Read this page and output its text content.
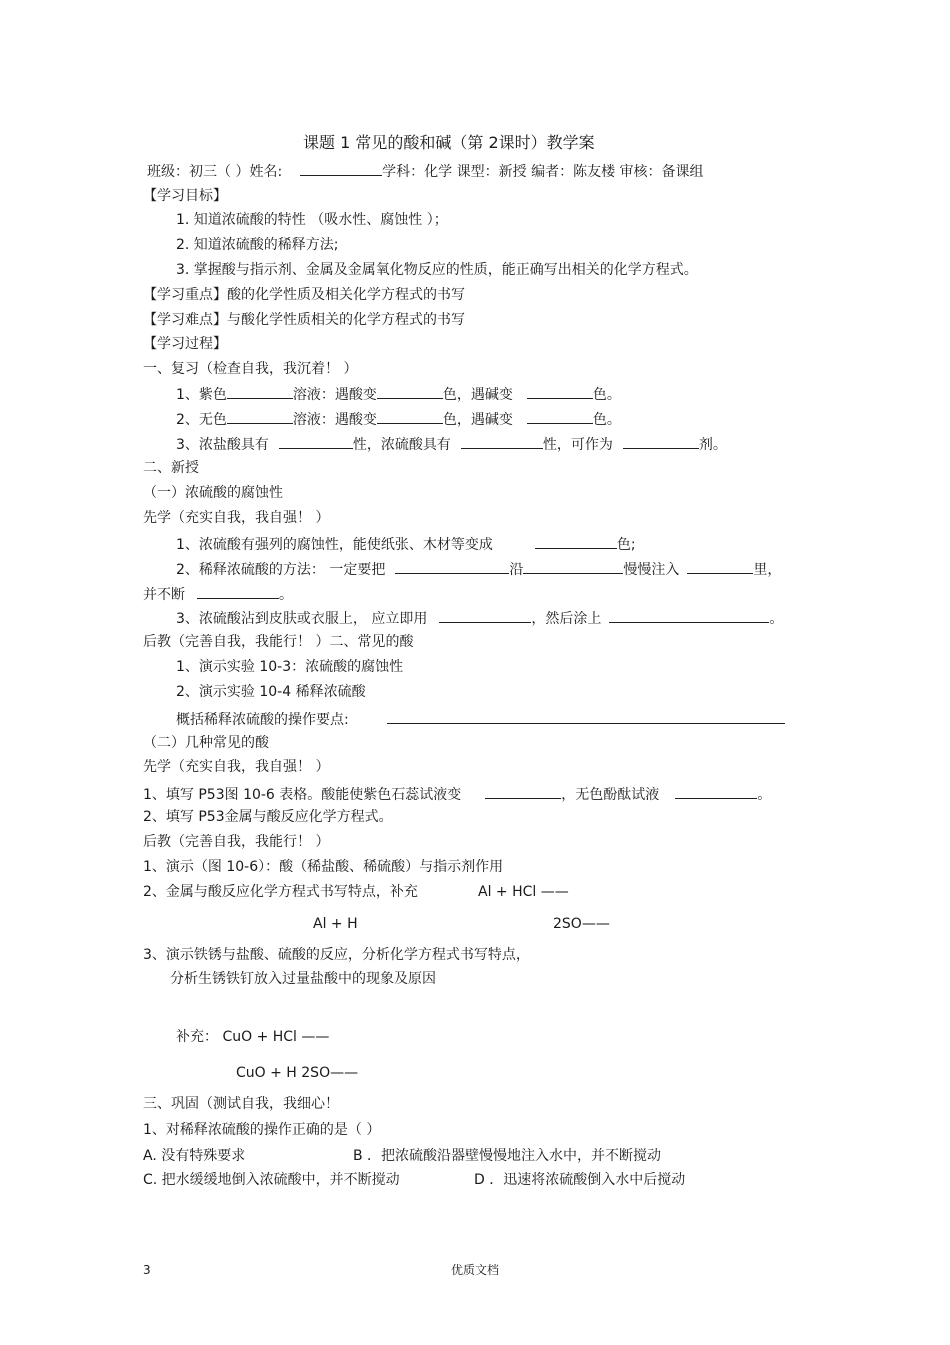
课题 1 常见的酸和碱（第 2课时）教学案
班级：初三（ ）姓名:	学科：化学 课型：新授 编者：陈友楼 审核：备课组
【学习目标】
1. 知道浓硫酸的特性 （吸水性、腐蚀性 ）；
2. 知道浓硫酸的稀释方法;
3. 掌握酸与指示剂、金属及金属氧化物反应的性质，能正确写出相关的化学方程式。
【学习重点】酸的化学性质及相关化学方程式的书写
【学习难点】与酸化学性质相关的化学方程式的书写
【学习过程】
一、复习（检查自我，我沉着！ ）
1、紫色	溶液：遇酸变	色，遇碱变	色。
2、无色	溶液：遇酸变	色，遇碱变	色。
3、浓盐酸具有	性，浓硫酸具有	性，可作为	剂。
二、新授
（一）浓硫酸的腐蚀性
先学（充实自我，我自强！ ）
1、浓硫酸有强列的腐蚀性，能使纸张、木材等变成	色;
2、稀释浓硫酸的方法： 一定要把	沿	慢慢注入	里，
并不断	。
3、浓硫酸沾到皮肤或衣服上， 应立即用	，然后涂上	。
后教（完善自我，我能行！ ）二、常见的酸
1、演示实验 10-3：浓硫酸的腐蚀性
2、演示实验 10-4 稀释浓硫酸
概括稀释浓硫酸的操作要点:
（二）几种常见的酸
先学（充实自我，我自强！ ）
1、填写 P53图 10-6 表格。酸能使紫色石蕊试液变	，无色酚酞试液	。
2、填写 P53金属与酸反应化学方程式。
后教（完善自我，我能行！ ）
1、演示（图 10-6）：酸（稀盐酸、稀硫酸）与指示剂作用
2、金属与酸反应化学方程式书写特点，补充	Al + HCl ——
Al + H	2SO——
3、演示铁锈与盐酸、硫酸的反应，分析化学方程式书写特点，
分析生锈铁钉放入过量盐酸中的现象及原因
补充： CuO + HCl ——
CuO + H 2SO——
三、巩固（测试自我，我细心！
1、对稀释浓硫酸的操作正确的是（ ）
A. 没有特殊要求	B ．把浓硫酸沿器壁慢慢地注入水中，并不断搅动
C. 把水缓缓地倒入浓硫酸中，并不断搅动	D ．迅速将浓硫酸倒入水中后搅动
3	优质文档
